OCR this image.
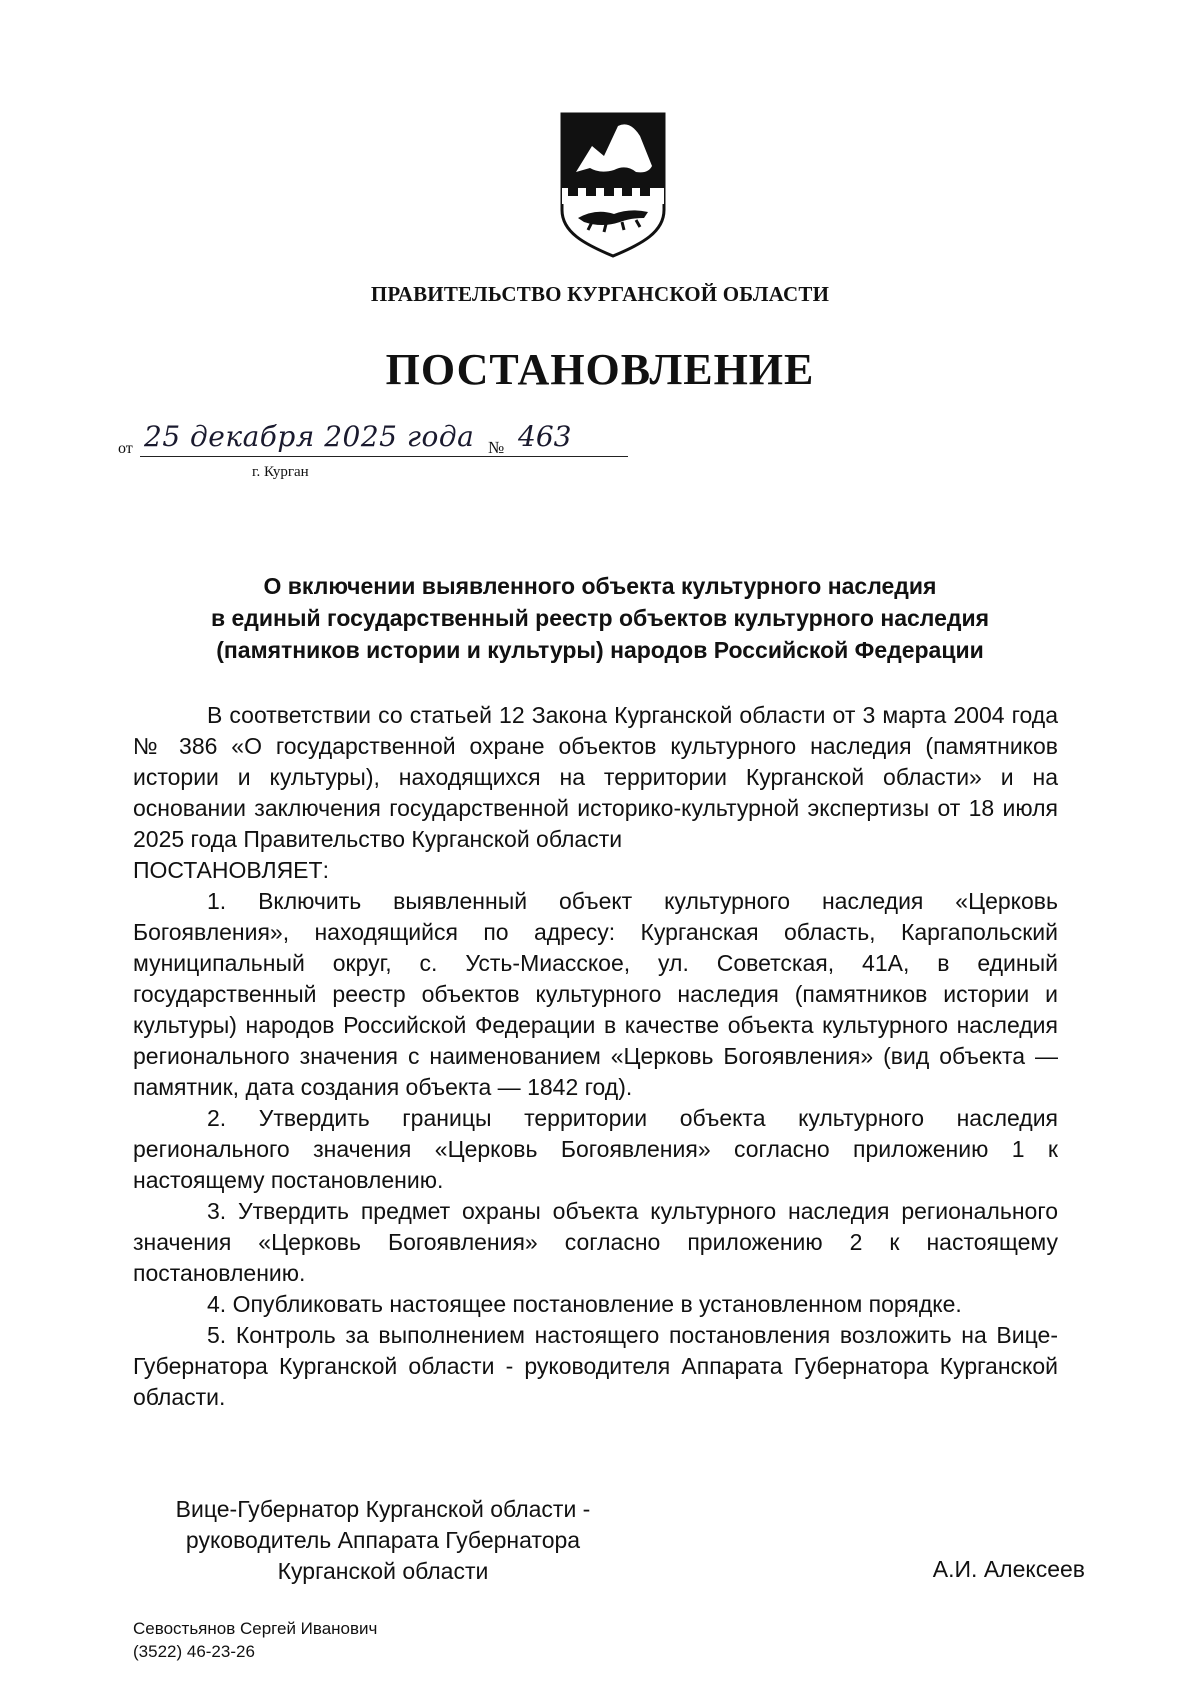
ПРАВИТЕЛЬСТВО КУРГАНСКОЙ ОБЛАСТИ
ПОСТАНОВЛЕНИЕ
от 25 декабря 2025 года № 463
г. Курган
О включении выявленного объекта культурного наследия
в единый государственный реестр объектов культурного наследия
(памятников истории и культуры) народов Российской Федерации

В соответствии со статьей 12 Закона Курганской области от 3 марта 2004 года № 386 «О государственной охране объектов культурного наследия (памятников истории и культуры), находящихся на территории Курганской области» и на основании заключения государственной историко-культурной экспертизы от 18 июля 2025 года Правительство Курганской области

ПОСТАНОВЛЯЕТ:

1. Включить выявленный объект культурного наследия «Церковь Богоявления», находящийся по адресу: Курганская область, Каргапольский муниципальный округ, с. Усть-Миасское, ул. Советская, 41А, в единый государственный реестр объектов культурного наследия (памятников истории и культуры) народов Российской Федерации в качестве объекта культурного наследия регионального значения с наименованием «Церковь Богоявления» (вид объекта — памятник, дата создания объекта — 1842 год).

2. Утвердить границы территории объекта культурного наследия регионального значения «Церковь Богоявления» согласно приложению 1 к настоящему постановлению.

3. Утвердить предмет охраны объекта культурного наследия регионального значения «Церковь Богоявления» согласно приложению 2 к настоящему постановлению.

4. Опубликовать настоящее постановление в установленном порядке.

5. Контроль за выполнением настоящего постановления возложить на Вице-Губернатора Курганской области - руководителя Аппарата Губернатора Курганской области.

Вице-Губернатор Курганской области -
руководитель Аппарата Губернатора
Курганской области	А.И. Алексеев
Севостьянов Сергей Иванович
(3522) 46-23-26
